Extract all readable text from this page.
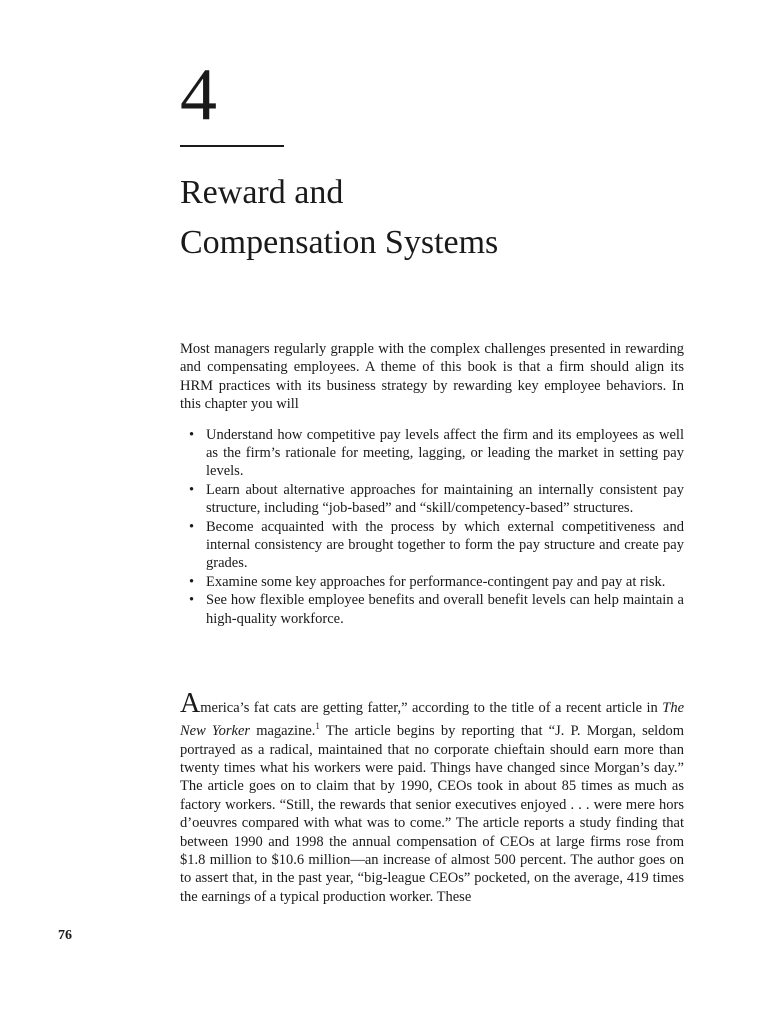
4
Reward and
Compensation Systems

Most managers regularly grapple with the complex challenges presented in rewarding and compensating employees. A theme of this book is that a firm should align its HRM practices with its business strategy by rewarding key employee behaviors. In this chapter you will

• Understand how competitive pay levels affect the firm and its employees as well as the firm’s rationale for meeting, lagging, or leading the market in setting pay levels.
• Learn about alternative approaches for maintaining an internally consistent pay structure, including “job-based” and “skill/competency-based” structures.
• Become acquainted with the process by which external competitiveness and internal consistency are brought together to form the pay structure and create pay grades.
• Examine some key approaches for performance-contingent pay and pay at risk.
• See how flexible employee benefits and overall benefit levels can help maintain a high-quality workforce.

America’s fat cats are getting fatter,” according to the title of a recent article in The New Yorker magazine.$^1$ The article begins by reporting that “J. P. Morgan, seldom portrayed as a radical, maintained that no corporate chieftain should earn more than twenty times what his workers were paid. Things have changed since Morgan’s day.” The article goes on to claim that by 1990, CEOs took in about 85 times as much as factory workers. “Still, the rewards that senior executives enjoyed . . . were mere hors d’oeuvres compared with what was to come.” The article reports a study finding that between 1990 and 1998 the annual compensation of CEOs at large firms rose from $1.8 million to $10.6 million—an increase of almost 500 percent. The author goes on to assert that, in the past year, “big-league CEOs” pocketed, on the average, 419 times the earnings of a typical production worker. These

76
